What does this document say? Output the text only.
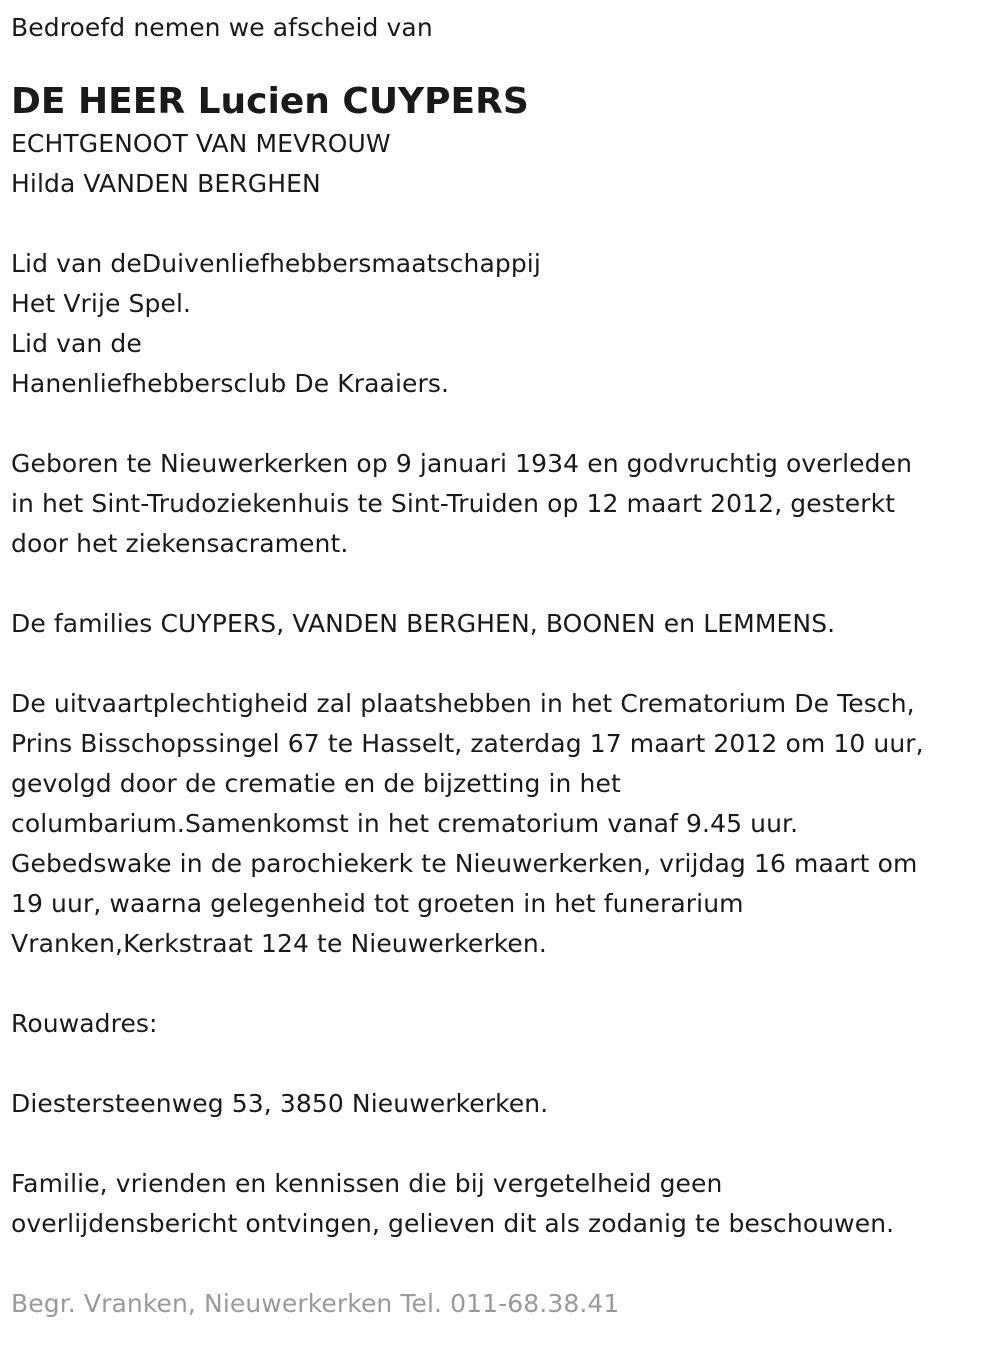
Bedroefd nemen we afscheid van
DE HEER Lucien CUYPERS
ECHTGENOOT VAN MEVROUW
Hilda VANDEN BERGHEN
Lid van deDuivenliefhebbersmaatschappij
Het Vrije Spel.
Lid van de
Hanenliefhebbersclub De Kraaiers.
Geboren te Nieuwerkerken op 9 januari 1934 en godvruchtig overleden
in het Sint-Trudoziekenhuis te Sint-Truiden op 12 maart 2012, gesterkt
door het ziekensacrament.
De families CUYPERS, VANDEN BERGHEN, BOONEN en LEMMENS.
De uitvaartplechtigheid zal plaatshebben in het Crematorium De Tesch,
Prins Bisschopssingel 67 te Hasselt, zaterdag 17 maart 2012 om 10 uur,
gevolgd door de crematie en de bijzetting in het
columbarium.Samenkomst in het crematorium vanaf 9.45 uur.
Gebedswake in de parochiekerk te Nieuwerkerken, vrijdag 16 maart om
19 uur, waarna gelegenheid tot groeten in het funerarium
Vranken,Kerkstraat 124 te Nieuwerkerken.
Rouwadres:
Diestersteenweg 53, 3850 Nieuwerkerken.
Familie, vrienden en kennissen die bij vergetelheid geen
overlijdensbericht ontvingen, gelieven dit als zodanig te beschouwen.
Begr. Vranken, Nieuwerkerken Tel. 011-68.38.41
